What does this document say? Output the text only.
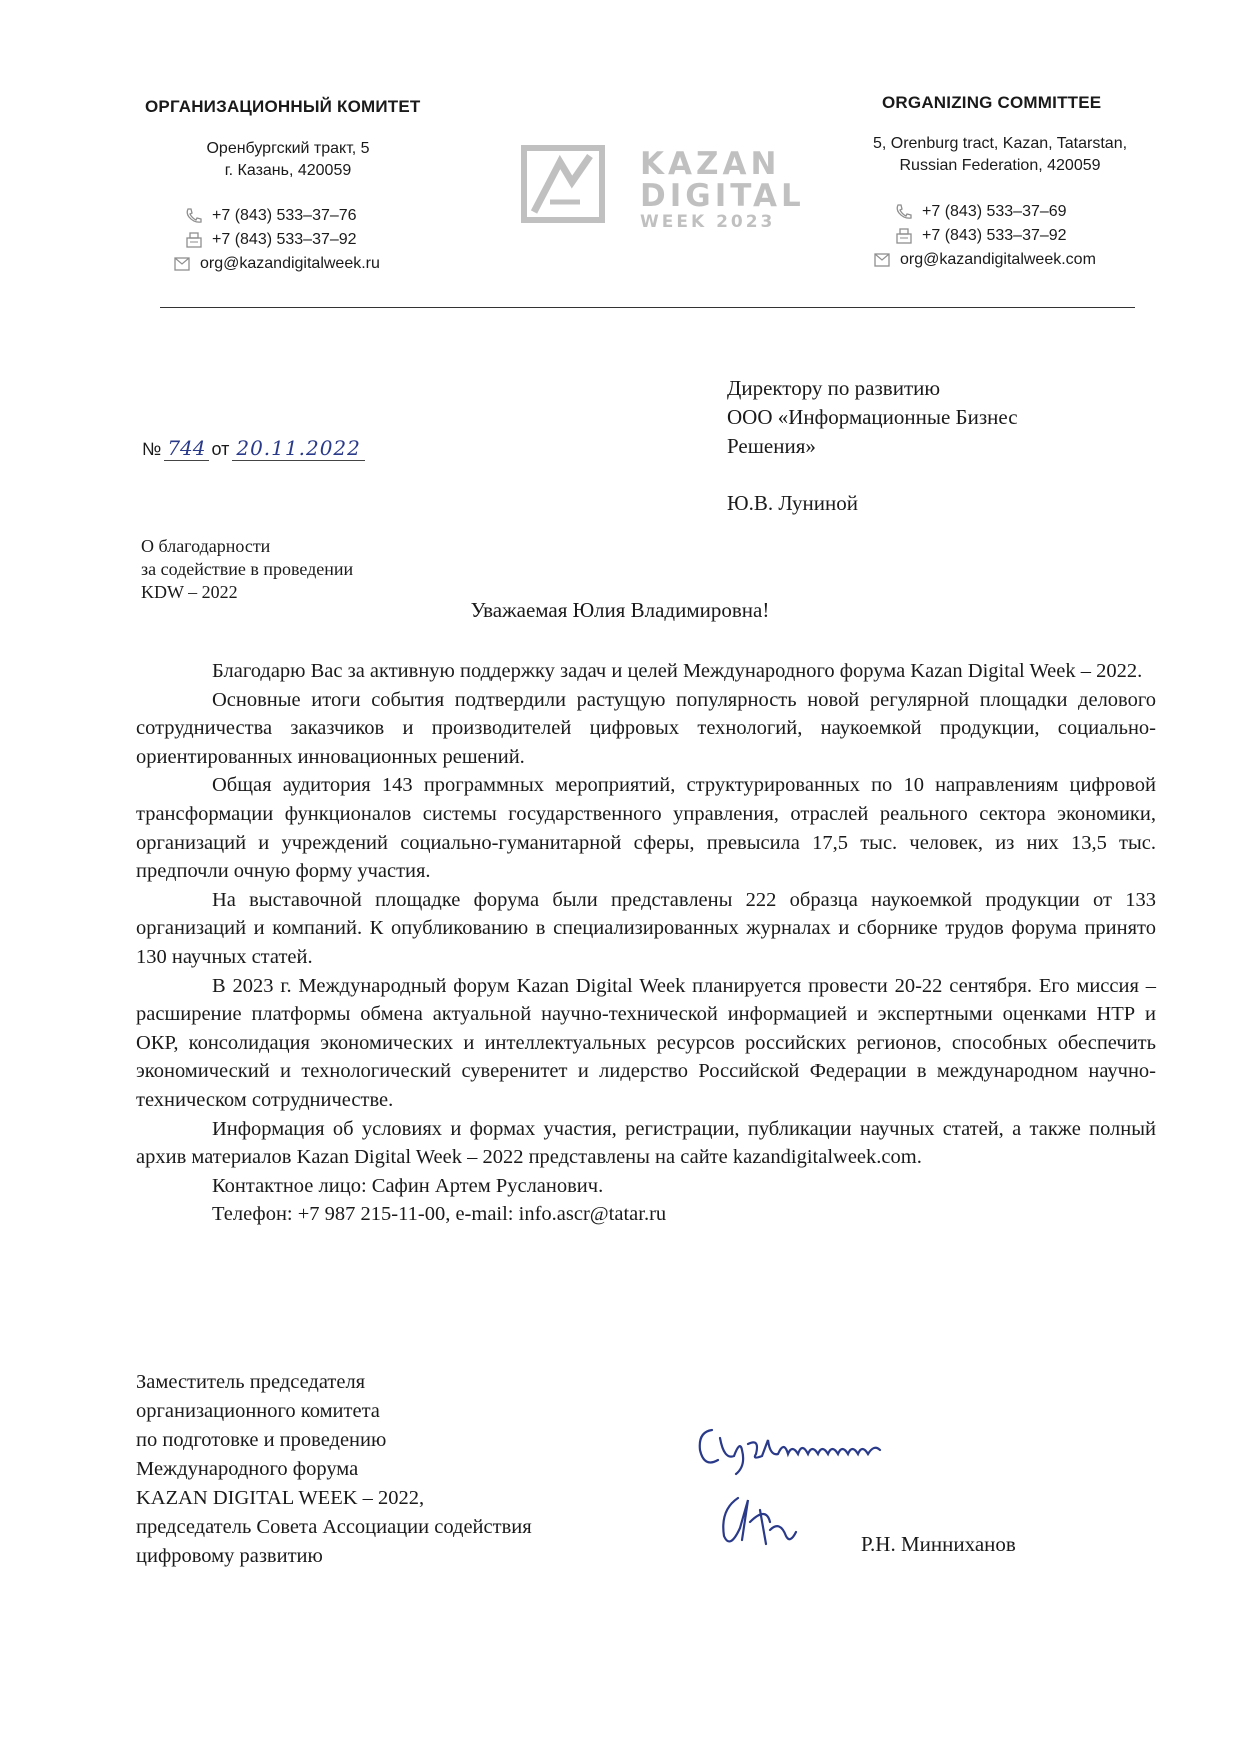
ОРГАНИЗАЦИОННЫЙ КОМИТЕТ
Оренбургский тракт, 5
г. Казань, 420059
+7 (843) 533–37–76
+7 (843) 533–37–92
org@kazandigitalweek.ru
KAZAN
DIGITAL
WEEK 2023
ORGANIZING COMMITTEE
5, Orenburg tract, Kazan, Tatarstan,
Russian Federation, 420059
+7 (843) 533–37–69
+7 (843) 533–37–92
org@kazandigitalweek.com
Директору по развитию
ООО «Информационные Бизнес
Решения»
Ю.В. Луниной
№ 744 от 20.11.2022
О благодарности
за содействие в проведении
KDW – 2022
Уважаемая Юлия Владимировна!

Благодарю Вас за активную поддержку задач и целей Международного форума Kazan Digital Week – 2022.

Основные итоги события подтвердили растущую популярность новой регулярной площадки делового сотрудничества заказчиков и производителей цифровых технологий, наукоемкой продукции, социально-ориентированных инновационных решений.

Общая аудитория 143 программных мероприятий, структурированных по 10 направлениям цифровой трансформации функционалов системы государственного управления, отраслей реального сектора экономики, организаций и учреждений социально-гуманитарной сферы, превысила 17,5 тыс. человек, из них 13,5 тыс. предпочли очную форму участия.

На выставочной площадке форума были представлены 222 образца наукоемкой продукции от 133 организаций и компаний. К опубликованию в специализированных журналах и сборнике трудов форума принято 130 научных статей.

В 2023 г. Международный форум Kazan Digital Week планируется провести 20-22 сентября. Его миссия – расширение платформы обмена актуальной научно-технической информацией и экспертными оценками НТР и ОКР, консолидация экономических и интеллектуальных ресурсов российских регионов, способных обеспечить экономический и технологический суверенитет и лидерство Российской Федерации в международном научно-техническом сотрудничестве.

Информация об условиях и формах участия, регистрации, публикации научных статей, а также полный архив материалов Kazan Digital Week – 2022 представлены на сайте kazandigitalweek.com.

Контактное лицо: Сафин Артем Русланович.

Телефон: +7 987 215-11-00, e-mail: info.ascr@tatar.ru

Заместитель председателя
организационного комитета
по подготовке и проведению
Международного форума
KAZAN DIGITAL WEEK – 2022,
председатель Совета Ассоциации содействия
цифровому развитию	Р.Н. Минниханов
